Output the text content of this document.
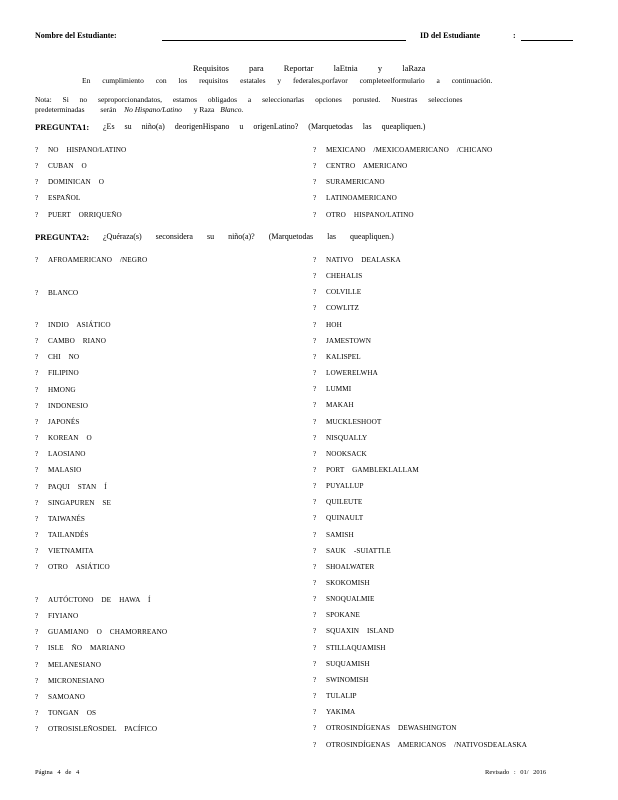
Nombre del Estudiante:	ID del Estudiante	:
Requisitos para Reportar laEtnia y laRaza
En cumplimiento con los requisitos estatales y federales,porfavor completeelformulario a continuación.
Nota: Si no seproporcionandatos, estamos obligados a seleccionarlas opciones porusted. Nuestras selecciones
predeterminadas serán No Hispano/Latino y Raza Blanco.
PREGUNTA1: ¿Es su niño(a) deorigenHispano u origenLatino? (Marquetodas las queapliquen.)
? NO HISPANO/LATINO
? CUBAN O
? DOMINICAN O
? ESPAÑOL
? PUERT ORRIQUEÑO
? MEXICANO /MEXICOAMERICANO /CHICANO
? CENTRO AMERICANO
? SURAMERICANO
? LATINOAMERICANO
? OTRO HISPANO/LATINO
PREGUNTA2: ¿Quéraza(s) seconsidera su niño(a)? (Marquetodas las queapliquen.)
? AFROAMERICANO /NEGRO
? BLANCO
? INDIO ASIÁTICO
? CAMBO RIANO
? CHI NO
? FILIPINO
? HMONG
? INDONESIO
? JAPONÉS
? KOREAN O
? LAOSIANO
? MALASIO
? PAQUI STAN Í
? SINGAPUREN SE
? TAIWANÉS
? TAILANDÉS
? VIETNAMITA
? OTRO ASIÁTICO
? AUTÓCTONO DE HAWA Í
? FIYIANO
? GUAMIANO O CHAMORREANO
? ISLE ÑO MARIANO
? MELANESIANO
? MICRONESIANO
? SAMOANO
? TONGAN OS
? OTROSISLEÑOSDEL PACÍFICO
? NATIVO DEALASKA
? CHEHALIS
? COLVILLE
? COWLITZ
? HOH
? JAMESTOWN
? KALISPEL
? LOWERELWHA
? LUMMI
? MAKAH
? MUCKLESHOOT
? NISQUALLY
? NOOKSACK
? PORT GAMBLEKLALLAM
? PUYALLUP
? QUILEUTE
? QUINAULT
? SAMISH
? SAUK -SUIATTLE
? SHOALWATER
? SKOKOMISH
? SNOQUALMIE
? SPOKANE
? SQUAXIN ISLAND
? STILLAQUAMISH
? SUQUAMISH
? SWINOMISH
? TULALIP
? YAKIMA
? OTROSINDÍGENAS DEWASHINGTON
? OTROSINDÍGENAS AMERICANOS /NATIVOSDEALASKA
Página 4 de 4	Revisado : 01/ 2016
